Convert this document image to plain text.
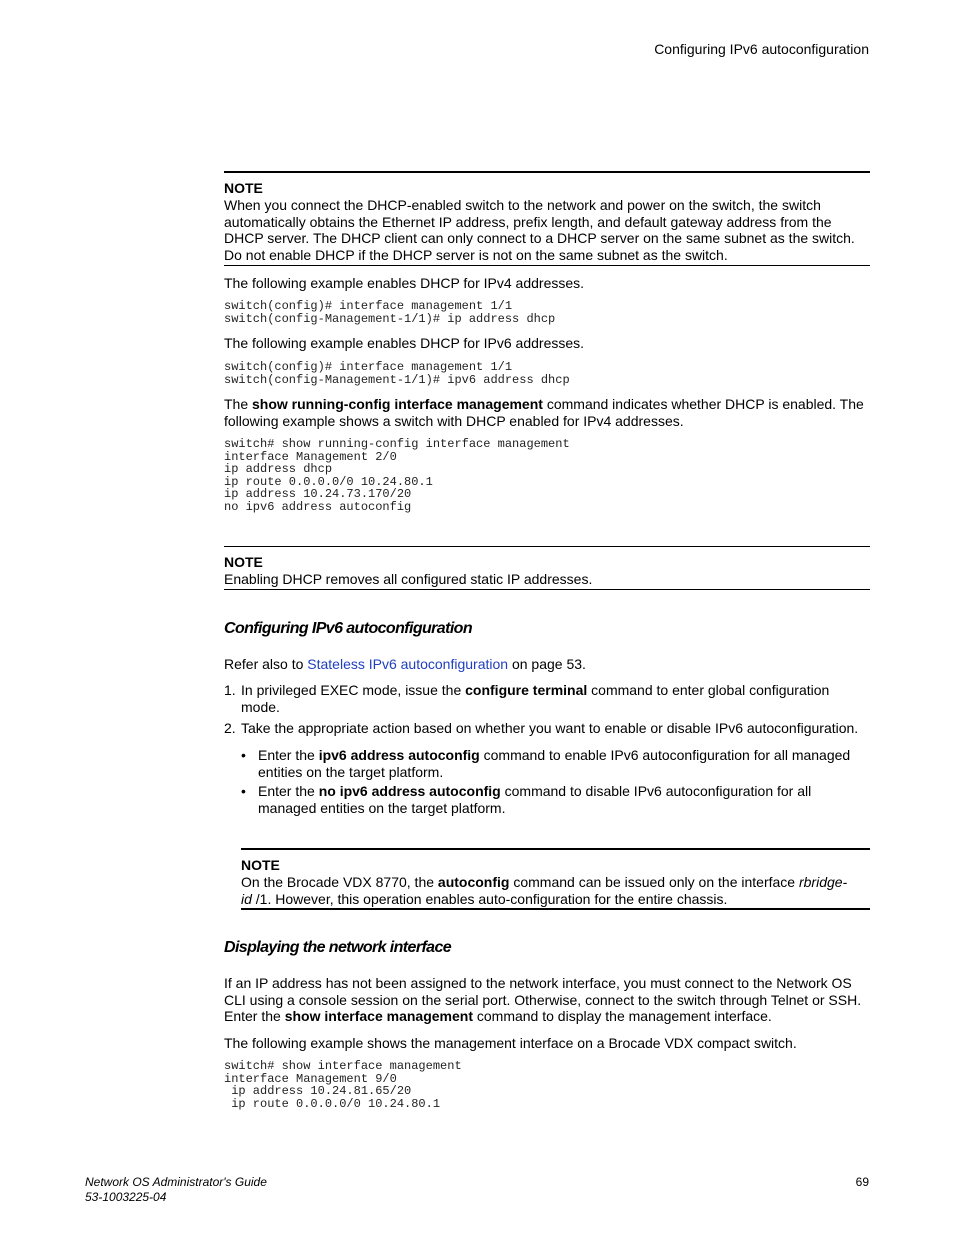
Configuring IPv6 autoconfiguration
NOTE
When you connect the DHCP-enabled switch to the network and power on the switch, the switch automatically obtains the Ethernet IP address, prefix length, and default gateway address from the DHCP server. The DHCP client can only connect to a DHCP server on the same subnet as the switch. Do not enable DHCP if the DHCP server is not on the same subnet as the switch.
The following example enables DHCP for IPv4 addresses.
switch(config)# interface management 1/1
switch(config-Management-1/1)# ip address dhcp
The following example enables DHCP for IPv6 addresses.
switch(config)# interface management 1/1
switch(config-Management-1/1)# ipv6 address dhcp
The show running-config interface management command indicates whether DHCP is enabled. The following example shows a switch with DHCP enabled for IPv4 addresses.
switch# show running-config interface management
interface Management 2/0
ip address dhcp
ip route 0.0.0.0/0 10.24.80.1
ip address 10.24.73.170/20
no ipv6 address autoconfig
NOTE
Enabling DHCP removes all configured static IP addresses.
Configuring IPv6 autoconfiguration
Refer also to Stateless IPv6 autoconfiguration on page 53.
1. In privileged EXEC mode, issue the configure terminal command to enter global configuration mode.
2. Take the appropriate action based on whether you want to enable or disable IPv6 autoconfiguration.
• Enter the ipv6 address autoconfig command to enable IPv6 autoconfiguration for all managed entities on the target platform.
• Enter the no ipv6 address autoconfig command to disable IPv6 autoconfiguration for all managed entities on the target platform.
NOTE
On the Brocade VDX 8770, the autoconfig command can be issued only on the interface rbridge-id /1. However, this operation enables auto-configuration for the entire chassis.
Displaying the network interface
If an IP address has not been assigned to the network interface, you must connect to the Network OS CLI using a console session on the serial port. Otherwise, connect to the switch through Telnet or SSH. Enter the show interface management command to display the management interface.
The following example shows the management interface on a Brocade VDX compact switch.
switch# show interface management
interface Management 9/0
ip address 10.24.81.65/20
ip route 0.0.0.0/0 10.24.80.1
Network OS Administrator's Guide
53-1003225-04
69
